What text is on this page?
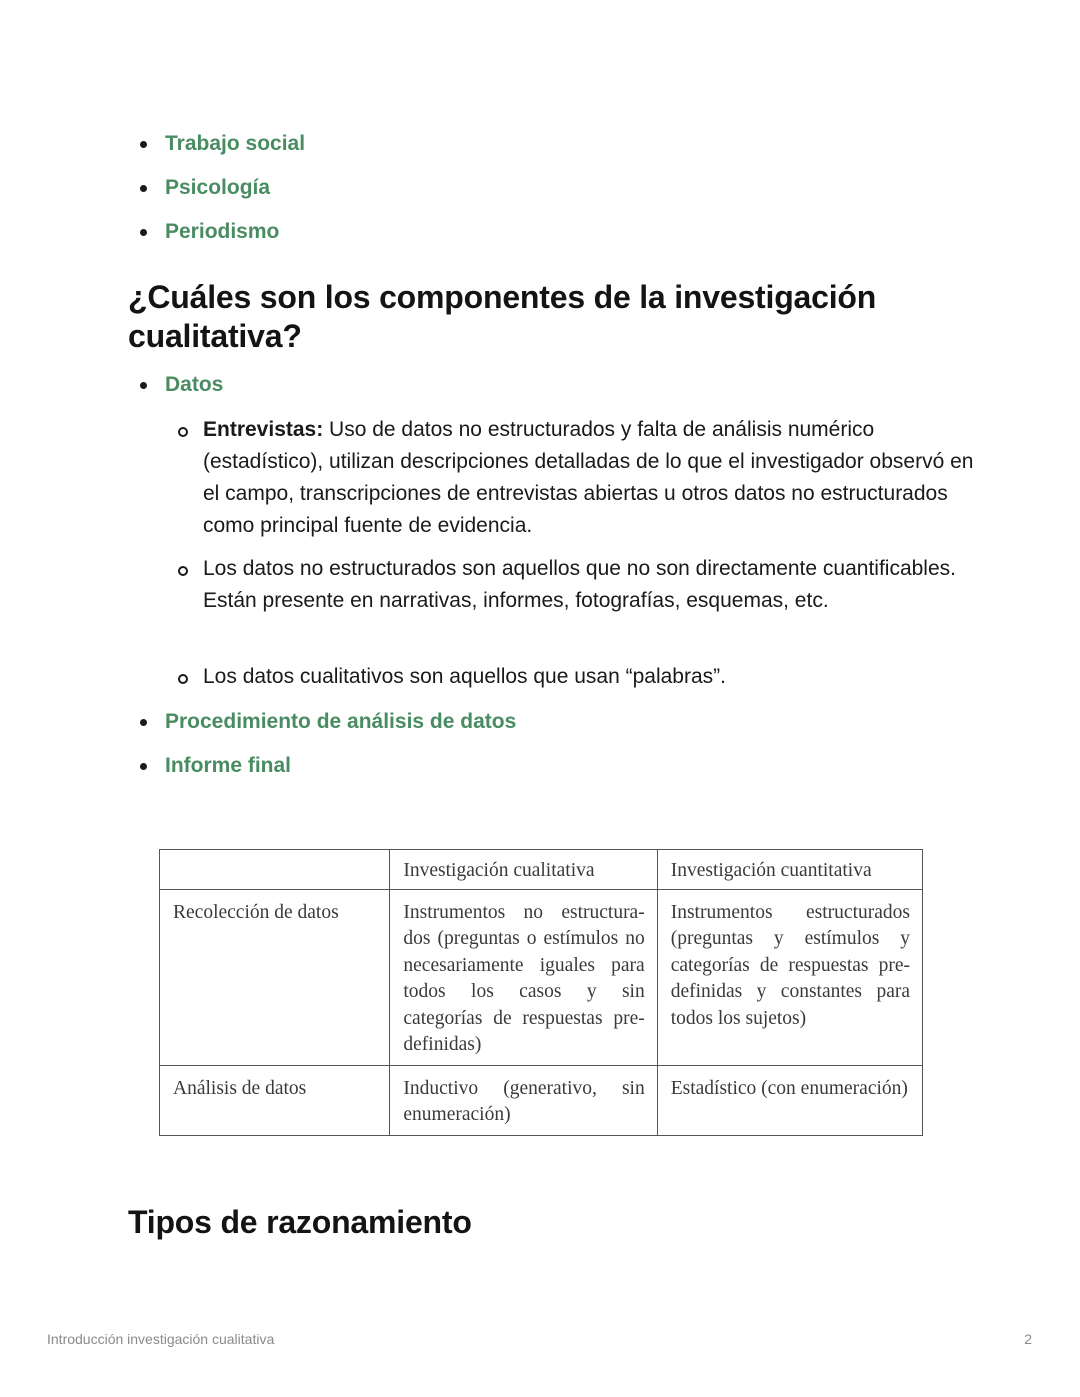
Trabajo social
Psicología
Periodismo
¿Cuáles son los componentes de la investigación cualitativa?
Datos
Entrevistas: Uso de datos no estructurados y falta de análisis numérico (estadístico), utilizan descripciones detalladas de lo que el investigador observó en el campo, transcripciones de entrevistas abiertas u otros datos no estructurados como principal fuente de evidencia.
Los datos no estructurados son aquellos que no son directamente cuantificables. Están presente en narrativas, informes, fotografías, esquemas, etc.
Los datos cualitativos son aquellos que usan “palabras”.
Procedimiento de análisis de datos
Informe final
	Investigación cualitativa	Investigación cuantitativa
Recolección de datos	Instrumentos no estructura-dos (preguntas o estímulos no necesariamente iguales para todos los casos y sin categorías de respuestas pre-definidas)	Instrumentos estructurados (preguntas y estímulos y categorías de respuestas pre-definidas y constantes para todos los sujetos)
Análisis de datos	Inductivo (generativo, sin enumeración)	Estadístico (con enumeración)
Tipos de razonamiento
Introducción investigación cualitativa	2
